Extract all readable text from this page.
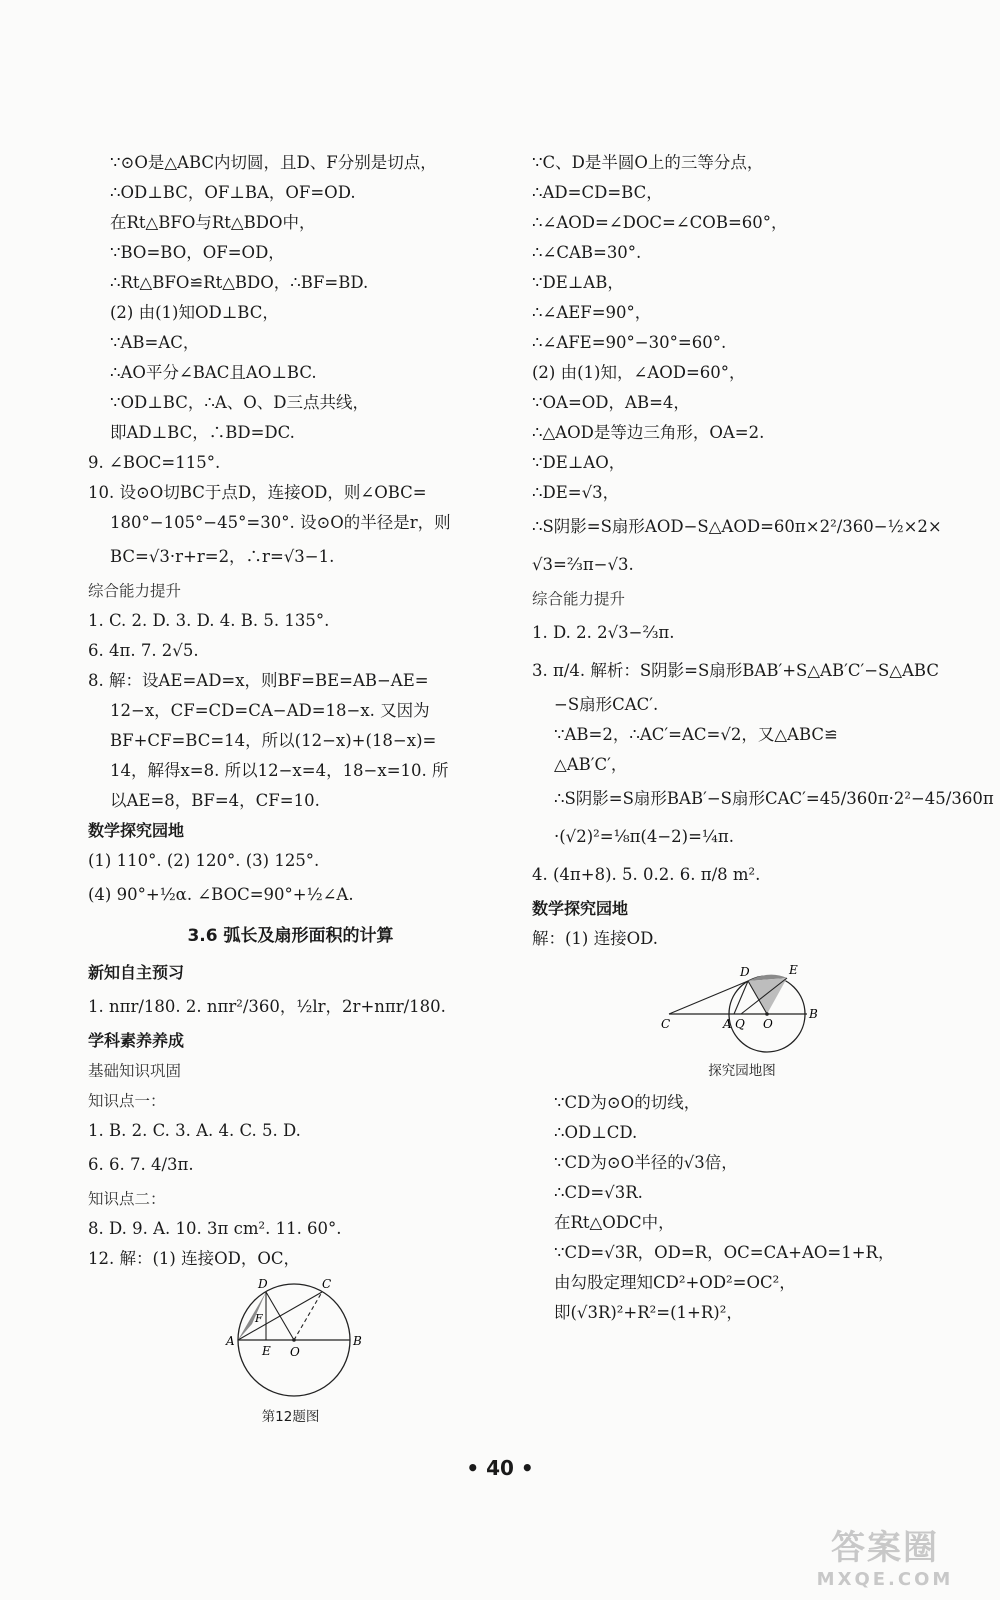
∵⊙O是△ABC内切圆，且D、F分别是切点，
∴OD⊥BC，OF⊥BA，OF=OD.
在Rt△BFO与Rt△BDO中，
∵BO=BO，OF=OD，
∴Rt△BFO≌Rt△BDO，∴BF=BD.
(2) 由(1)知OD⊥BC，
∵AB=AC，
∴AO平分∠BAC且AO⊥BC.
∵OD⊥BC，∴A、O、D三点共线，
即AD⊥BC，∴BD=DC.
9. ∠BOC=115°.
10. 设⊙O切BC于点D，连接OD，则∠OBC=
180°−105°−45°=30°. 设⊙O的半径是r，则
BC=√3·r+r=2，∴r=√3−1.
综合能力提升
1. C. 2. D. 3. D. 4. B. 5. 135°.
6. 4π. 7. 2√5.
8. 解：设AE=AD=x，则BF=BE=AB−AE=
12−x，CF=CD=CA−AD=18−x. 又因为
BF+CF=BC=14，所以(12−x)+(18−x)=
14，解得x=8. 所以12−x=4，18−x=10. 所
以AE=8，BF=4，CF=10.
数学探究园地
(1) 110°. (2) 120°. (3) 125°.
(4) 90°+½α. ∠BOC=90°+½∠A.
3.6 弧长及扇形面积的计算
新知自主预习
1. nπr/180. 2. nπr²/360，½lr，2r+nπr/180.
学科素养养成
基础知识巩固
知识点一：
1. B. 2. C. 3. A. 4. C. 5. D.
6. 6. 7. 4/3π.
知识点二：
8. D. 9. A. 10. 3π cm². 11. 60°.
12. 解：(1) 连接OD，OC，
D	C
A
F
E O
B
第12题图
∵C、D是半圆O上的三等分点，
∴AD=CD=BC，
∴∠AOD=∠DOC=∠COB=60°，
∴∠CAB=30°.
∵DE⊥AB，
∴∠AEF=90°，
∴∠AFE=90°−30°=60°.
(2) 由(1)知，∠AOD=60°，
∵OA=OD，AB=4，
∴△AOD是等边三角形，OA=2.
∵DE⊥AO，
∴DE=√3，
∴S阴影=S扇形AOD−S△AOD=60π×2²/360−½×2×
√3=⅔π−√3.
综合能力提升
1. D. 2. 2√3−⅔π.
3. π/4. 解析：S阴影=S扇形BAB′+S△AB′C′−S△ABC
−S扇形CAC′.
∵AB=2，∴AC′=AC=√2，又△ABC≌
△AB′C′，
∴S阴影=S扇形BAB′−S扇形CAC′=45/360π·2²−45/360π
·(√2)²=⅛π(4−2)=¼π.
4. (4π+8). 5. 0.2. 6. π/8 m².
数学探究园地
解：(1) 连接OD.
D	E
C	A Q O
B
探究园地图
∵CD为⊙O的切线，
∴OD⊥CD.
∵CD为⊙O半径的√3倍，
∴CD=√3R.
在Rt△ODC中，
∵CD=√3R，OD=R，OC=CA+AO=1+R，
由勾股定理知CD²+OD²=OC²，
即(√3R)²+R²=(1+R)²，
• 40 •
答案圈
MXQE.COM
